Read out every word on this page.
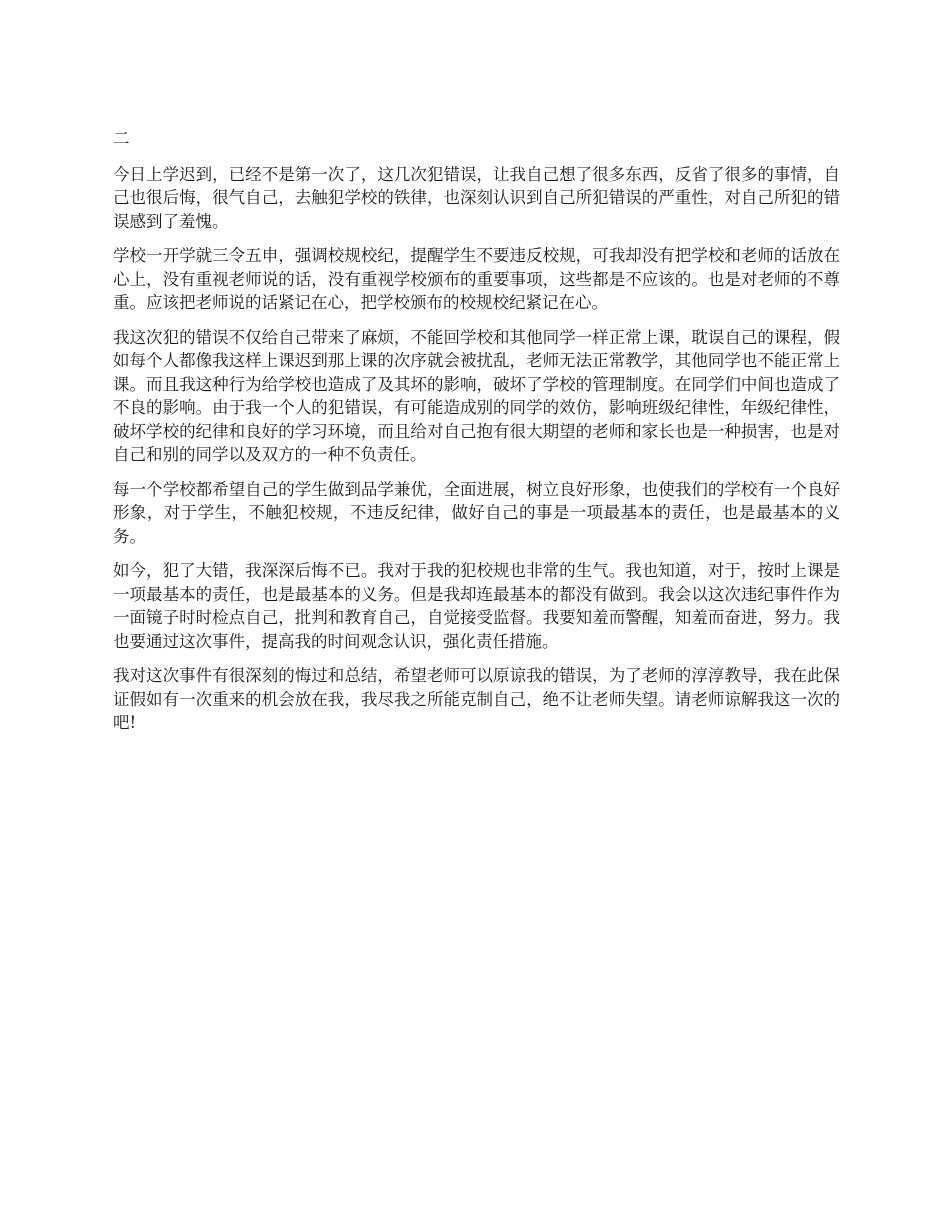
二

今日上学迟到，已经不是第一次了，这几次犯错误，让我自己想了很多东西，反省了很多的事情，自己也很后悔，很气自己，去触犯学校的铁律，也深刻认识到自己所犯错误的严重性，对自己所犯的错误感到了羞愧。

学校一开学就三令五申，强调校规校纪，提醒学生不要违反校规，可我却没有把学校和老师的话放在心上，没有重视老师说的话，没有重视学校颁布的重要事项，这些都是不应该的。也是对老师的不尊重。应该把老师说的话紧记在心，把学校颁布的校规校纪紧记在心。

我这次犯的错误不仅给自己带来了麻烦，不能回学校和其他同学一样正常上课，耽误自己的课程，假如每个人都像我这样上课迟到那上课的次序就会被扰乱，老师无法正常教学，其他同学也不能正常上课。而且我这种行为给学校也造成了及其坏的影响，破坏了学校的管理制度。在同学们中间也造成了不良的影响。由于我一个人的犯错误，有可能造成别的同学的效仿，影响班级纪律性，年级纪律性，破坏学校的纪律和良好的学习环境，而且给对自己抱有很大期望的老师和家长也是一种损害，也是对自己和别的同学以及双方的一种不负责任。

每一个学校都希望自己的学生做到品学兼优，全面进展，树立良好形象，也使我们的学校有一个良好形象，对于学生，不触犯校规，不违反纪律，做好自己的事是一项最基本的责任，也是最基本的义务。

如今，犯了大错，我深深后悔不已。我对于我的犯校规也非常的生气。我也知道，对于，按时上课是一项最基本的责任，也是最基本的义务。但是我却连最基本的都没有做到。我会以这次违纪事件作为一面镜子时时检点自己，批判和教育自己，自觉接受监督。我要知羞而警醒，知羞而奋进，努力。我也要通过这次事件，提高我的时间观念认识，强化责任措施。

我对这次事件有很深刻的悔过和总结，希望老师可以原谅我的错误，为了老师的淳淳教导，我在此保证假如有一次重来的机会放在我，我尽我之所能克制自己，绝不让老师失望。请老师谅解我这一次的吧!
